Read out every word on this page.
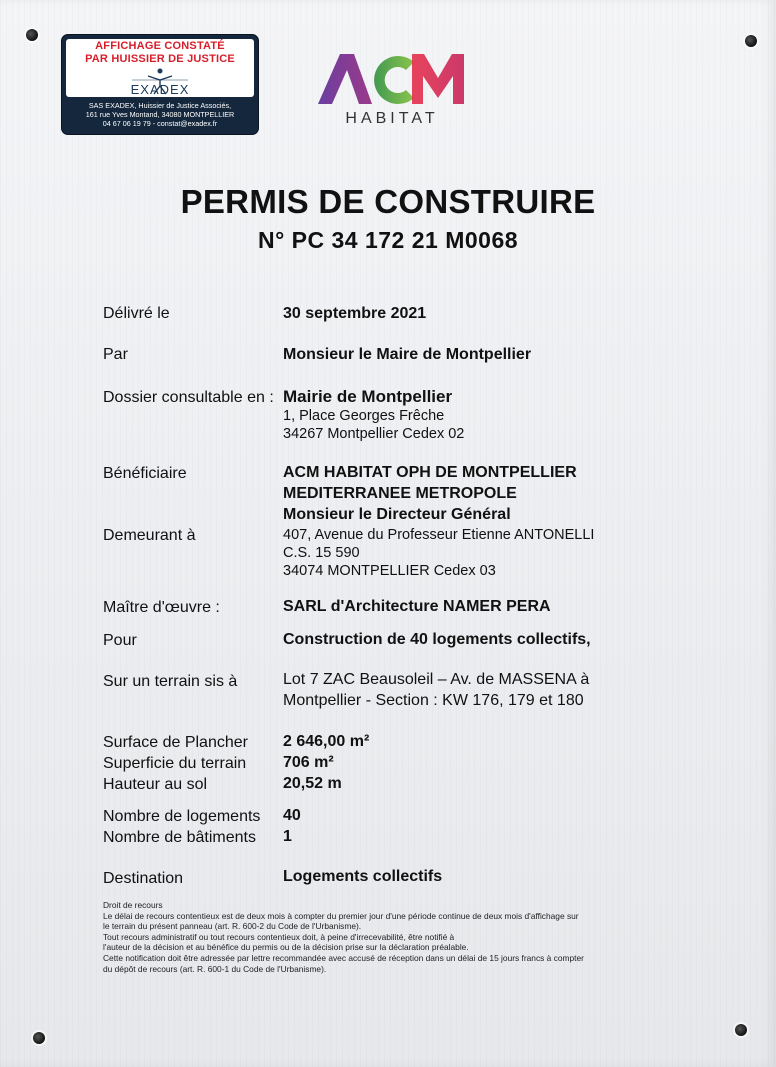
AFFICHAGE CONSTATÉ
PAR HUISSIER DE JUSTICE
EXADEX
SAS EXADEX, Huissier de Justice Associés,
161 rue Yves Montand, 34080 MONTPELLIER
04 67 06 19 79 - constat@exadex.fr	HABITAT
PERMIS DE CONSTRUIRE
N° PC 34 172 21 M0068
Délivré le	30 septembre 2021
Par	Monsieur le Maire de Montpellier
Dossier consultable en : Mairie de Montpellier
1, Place Georges Frêche
34267 Montpellier Cedex 02
Bénéficiaire	ACM HABITAT OPH DE MONTPELLIER
MEDITERRANEE METROPOLE
Monsieur le Directeur Général
Demeurant à	407, Avenue du Professeur Etienne ANTONELLI
C.S. 15 590
34074 MONTPELLIER Cedex 03
Maître d'œuvre :	SARL d'Architecture NAMER PERA
Pour	Construction de 40 logements collectifs,
Sur un terrain sis à	Lot 7 ZAC Beausoleil – Av. de MASSENA à
Montpellier - Section : KW 176, 179 et 180
Surface de Plancher 2 646,00 m²
Superficie du terrain 706 m²
Hauteur au sol	20,52 m
Nombre de logements 40
Nombre de bâtiments 1
Destination	Logements collectifs
Droit de recours
Le délai de recours contentieux est de deux mois à compter du premier jour d'une période continue de deux mois d'affichage sur
le terrain du présent panneau (art. R. 600-2 du Code de l'Urbanisme).
Tout recours administratif ou tout recours contentieux doit, à peine d'irrecevabilité, être notifié à
l'auteur de la décision et au bénéfice du permis ou de la décision prise sur la déclaration préalable.
Cette notification doit être adressée par lettre recommandée avec accusé de réception dans un délai de 15 jours francs à compter
du dépôt de recours (art. R. 600-1 du Code de l'Urbanisme).
